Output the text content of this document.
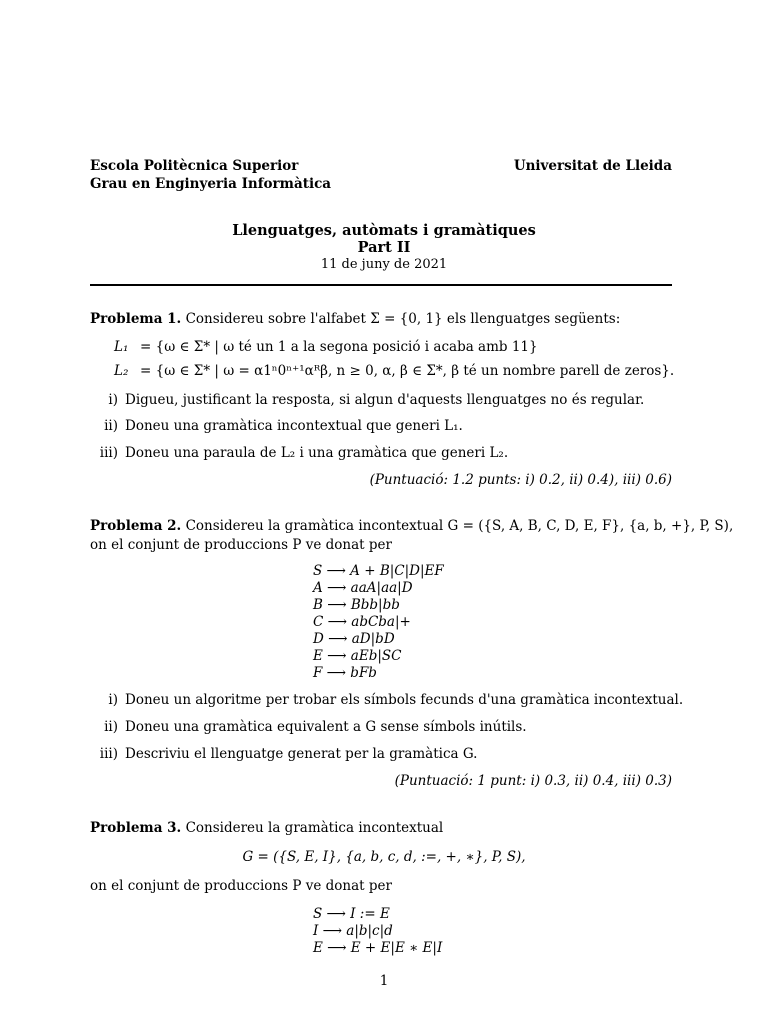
Escola Politècnica Superior
Grau en Enginyeria Informàtica
Universitat de Lleida
Llenguatges, autòmats i gramàtiques
Part II
11 de juny de 2021
Problema 1. Considereu sobre l'alfabet Σ = {0, 1} els llenguatges següents:
L₁ = {ω ∈ Σ* | ω té un 1 a la segona posició i acaba amb 11}
L₂ = {ω ∈ Σ* | ω = α1ⁿ0ⁿ⁺¹αᴿβ, n ≥ 0, α, β ∈ Σ*, β té un nombre parell de zeros}.
i) Digueu, justificant la resposta, si algun d'aquests llenguatges no és regular.
ii) Doneu una gramàtica incontextual que generi L₁.
iii) Doneu una paraula de L₂ i una gramàtica que generi L₂.
(Puntuació: 1.2 punts: i) 0.2, ii) 0.4), iii) 0.6)
Problema 2. Considereu la gramàtica incontextual G = ({S, A, B, C, D, E, F}, {a, b, +}, P, S),
on el conjunt de produccions P ve donat per
S ⟶ A + B|C|D|EF
A ⟶ aaA|aa|D
B ⟶ Bbb|bb
C ⟶ abCba|+
D ⟶ aD|bD
E ⟶ aEb|SC
F ⟶ bFb
i) Doneu un algoritme per trobar els símbols fecunds d'una gramàtica incontextual.
ii) Doneu una gramàtica equivalent a G sense símbols inútils.
iii) Descriviu el llenguatge generat per la gramàtica G.
(Puntuació: 1 punt: i) 0.3, ii) 0.4, iii) 0.3)
Problema 3. Considereu la gramàtica incontextual
G = ({S, E, I}, {a, b, c, d, :=, +, ∗}, P, S),
on el conjunt de produccions P ve donat per
S ⟶ I := E
I ⟶ a|b|c|d
E ⟶ E + E|E ∗ E|I
1
